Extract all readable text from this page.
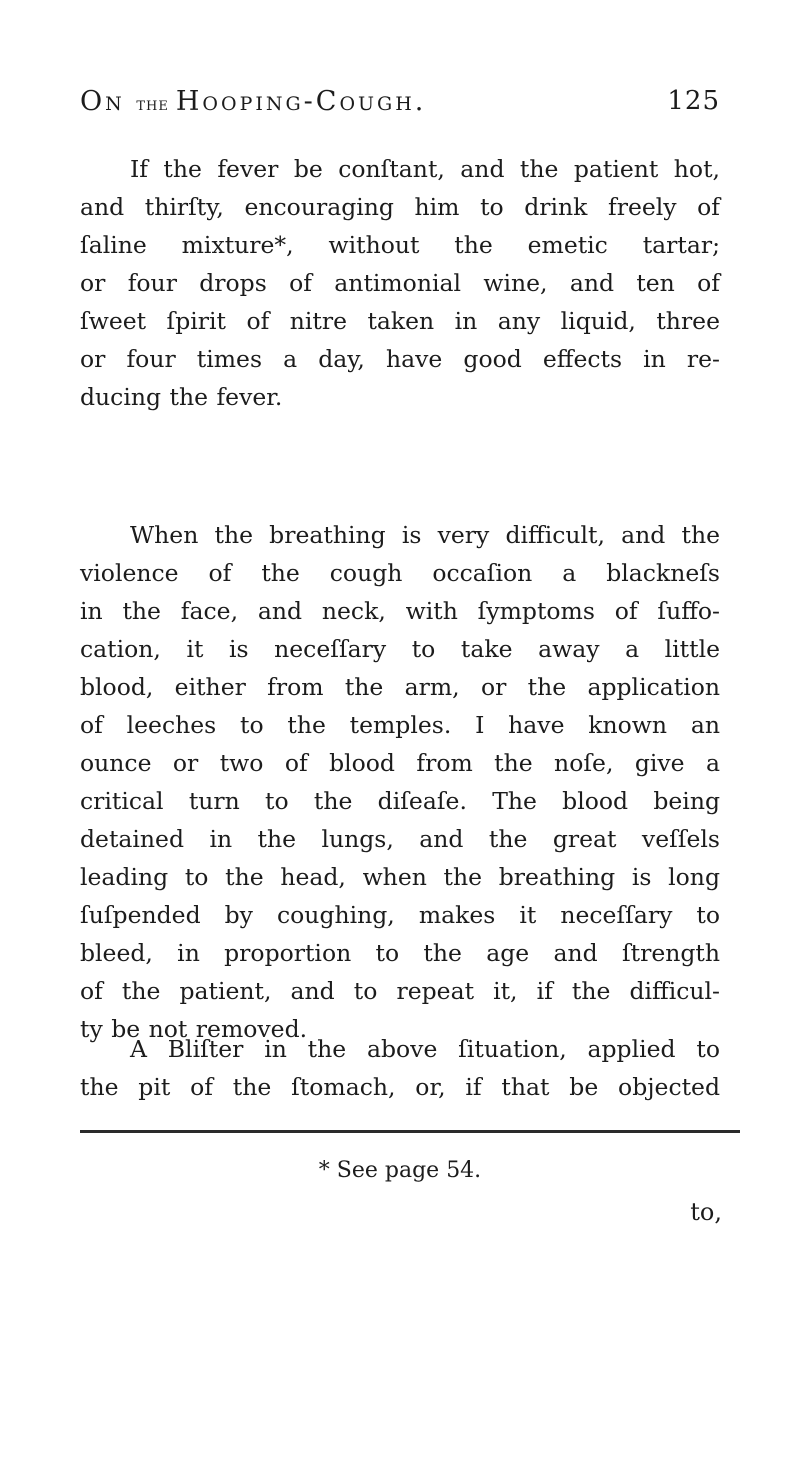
On the Hooping-Cough.	125
If the fever be conſtant, and the patient hot,
and thirſty, encouraging him to drink freely of
ſaline mixture*, without the emetic tartar;
or four drops of antimonial wine, and ten of
ſweet ſpirit of nitre taken in any liquid, three
or four times a day, have good effects in re-
ducing the fever.
When the breathing is very difficult, and the
violence of the cough occaſion a blackneſs
in the face, and neck, with ſymptoms of ſuffo-
cation, it is neceſſary to take away a little
blood, either from the arm, or the application
of leeches to the temples. I have known an
ounce or two of blood from the noſe, give a
critical turn to the diſeaſe. The blood being
detained in the lungs, and the great veſſels
leading to the head, when the breathing is long
ſuſpended by coughing, makes it neceſſary to
bleed, in proportion to the age and ſtrength
of the patient, and to repeat it, if the difficul-
ty be not removed.
A Bliſter in the above ſituation, applied to
the pit of the ſtomach, or, if that be objected
* See page 54.
to,
